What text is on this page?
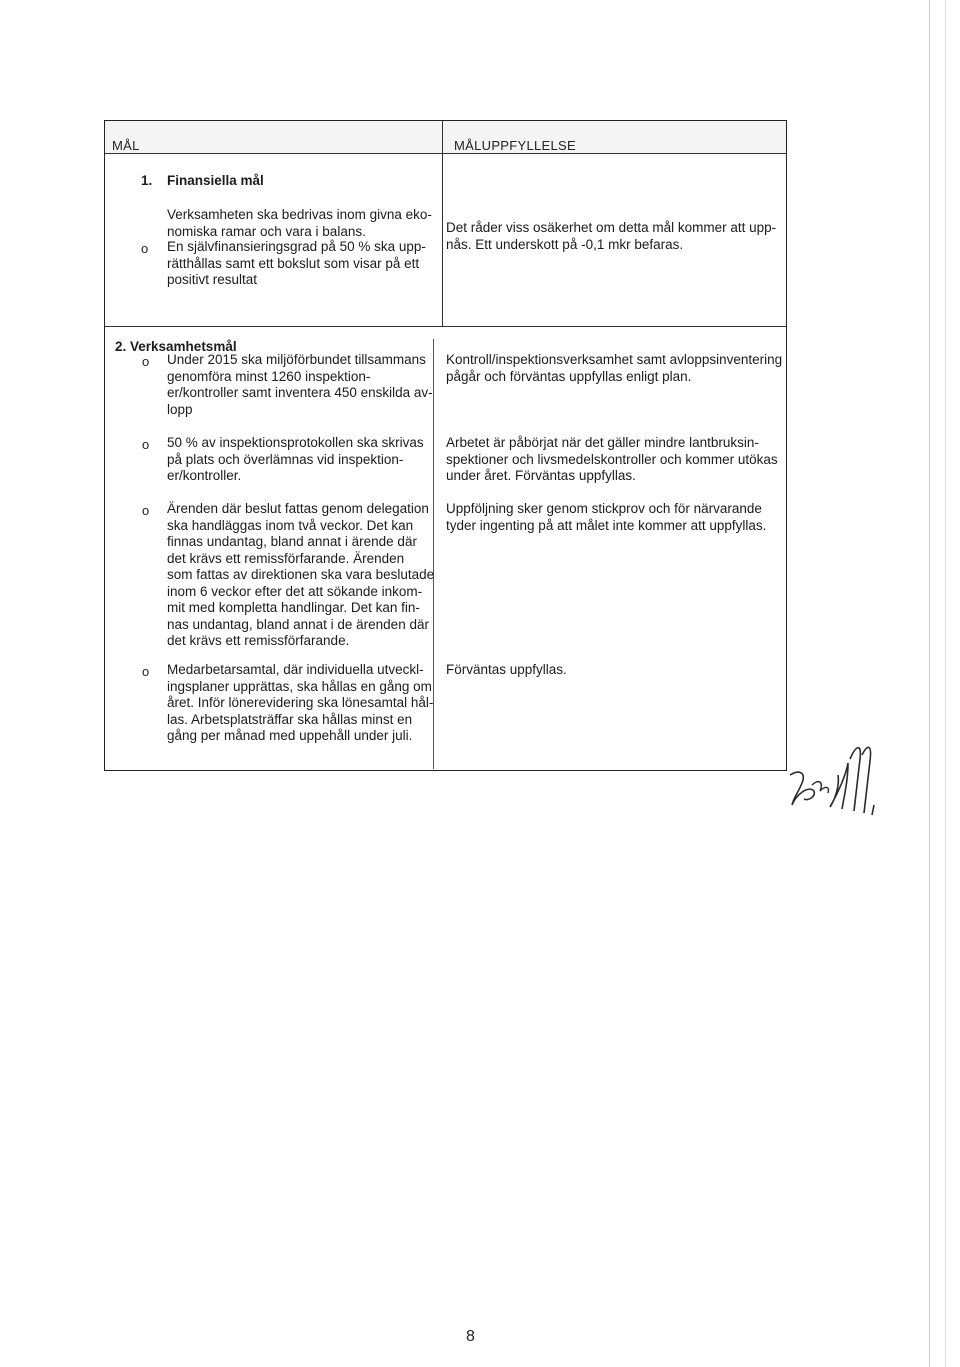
MÅL	MÅLUPPFYLLELSE
1. Finansiella mål
Verksamheten ska bedrivas inom givna eko-
nomiska ramar och vara i balans.
o En självfinansieringsgrad på 50 % ska upp-
rätthållas samt ett bokslut som visar på ett
positivt resultat
Det råder viss osäkerhet om detta mål kommer att upp-
nås. Ett underskott på -0,1 mkr befaras.
2. Verksamhetsmål
o Under 2015 ska miljöförbundet tillsammans
genomföra minst 1260 inspektion-
er/kontroller samt inventera 450 enskilda av-
lopp
Kontroll/inspektionsverksamhet samt avloppsinventering
pågår och förväntas uppfyllas enligt plan.
o 50 % av inspektionsprotokollen ska skrivas
på plats och överlämnas vid inspektion-
er/kontroller.
Arbetet är påbörjat när det gäller mindre lantbruksin-
spektioner och livsmedelskontroller och kommer utökas
under året. Förväntas uppfyllas.
o Ärenden där beslut fattas genom delegation
ska handläggas inom två veckor. Det kan
finnas undantag, bland annat i ärende där
det krävs ett remissförfarande. Ärenden
som fattas av direktionen ska vara beslutade
inom 6 veckor efter det att sökande inkom-
mit med kompletta handlingar. Det kan fin-
nas undantag, bland annat i de ärenden där
det krävs ett remissförfarande.
Uppföljning sker genom stickprov och för närvarande
tyder ingenting på att målet inte kommer att uppfyllas.
o Medarbetarsamtal, där individuella utveckl-
ingsplaner upprättas, ska hållas en gång om
året. Inför lönerevidering ska lönesamtal hål-
las. Arbetsplatsträffar ska hållas minst en
gång per månad med uppehåll under juli.
Förväntas uppfyllas.
8
